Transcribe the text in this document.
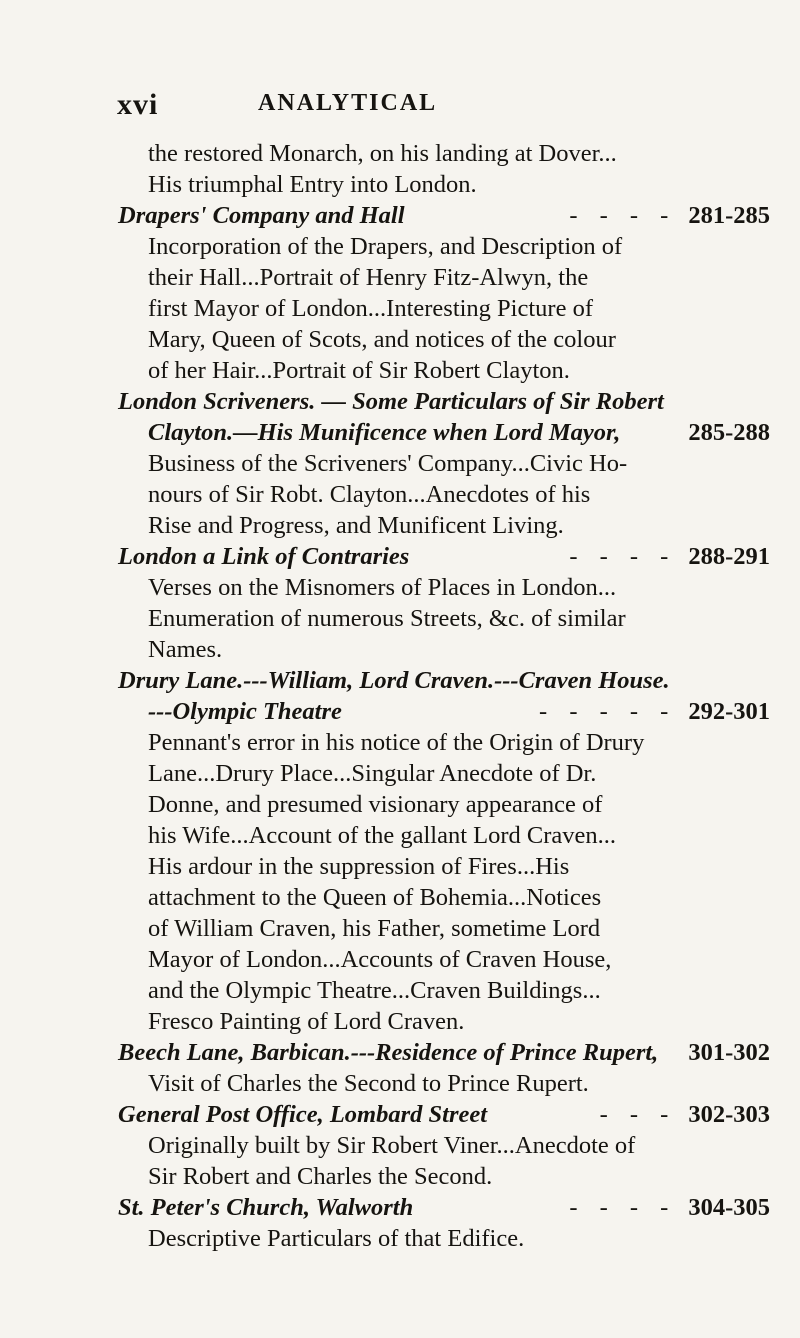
xvi	ANALYTICAL
the restored Monarch, on his landing at Dover...
His triumphal Entry into London.
Drapers' Company and Hall	- - - - 281-285
Incorporation of the Drapers, and Description of
their Hall...Portrait of Henry Fitz-Alwyn, the
first Mayor of London...Interesting Picture of
Mary, Queen of Scots, and notices of the colour
of her Hair...Portrait of Sir Robert Clayton.
London Scriveners. — Some Particulars of Sir Robert
Clayton.—His Munificence when Lord Mayor,	285-288
Business of the Scriveners' Company...Civic Ho-
nours of Sir Robt. Clayton...Anecdotes of his
Rise and Progress, and Munificent Living.
London a Link of Contraries	- - - - 288-291
Verses on the Misnomers of Places in London...
Enumeration of numerous Streets, &c. of similar
Names.
Drury Lane.---William, Lord Craven.---Craven House.
---Olympic Theatre	- - - - - 292-301
Pennant's error in his notice of the Origin of Drury
Lane...Drury Place...Singular Anecdote of Dr.
Donne, and presumed visionary appearance of
his Wife...Account of the gallant Lord Craven...
His ardour in the suppression of Fires...His
attachment to the Queen of Bohemia...Notices
of William Craven, his Father, sometime Lord
Mayor of London...Accounts of Craven House,
and the Olympic Theatre...Craven Buildings...
Fresco Painting of Lord Craven.
Beech Lane, Barbican.---Residence of Prince Rupert, 301-302
Visit of Charles the Second to Prince Rupert.
General Post Office, Lombard Street	- - - 302-303
Originally built by Sir Robert Viner...Anecdote of
Sir Robert and Charles the Second.
St. Peter's Church, Walworth	- - - - 304-305
Descriptive Particulars of that Edifice.
